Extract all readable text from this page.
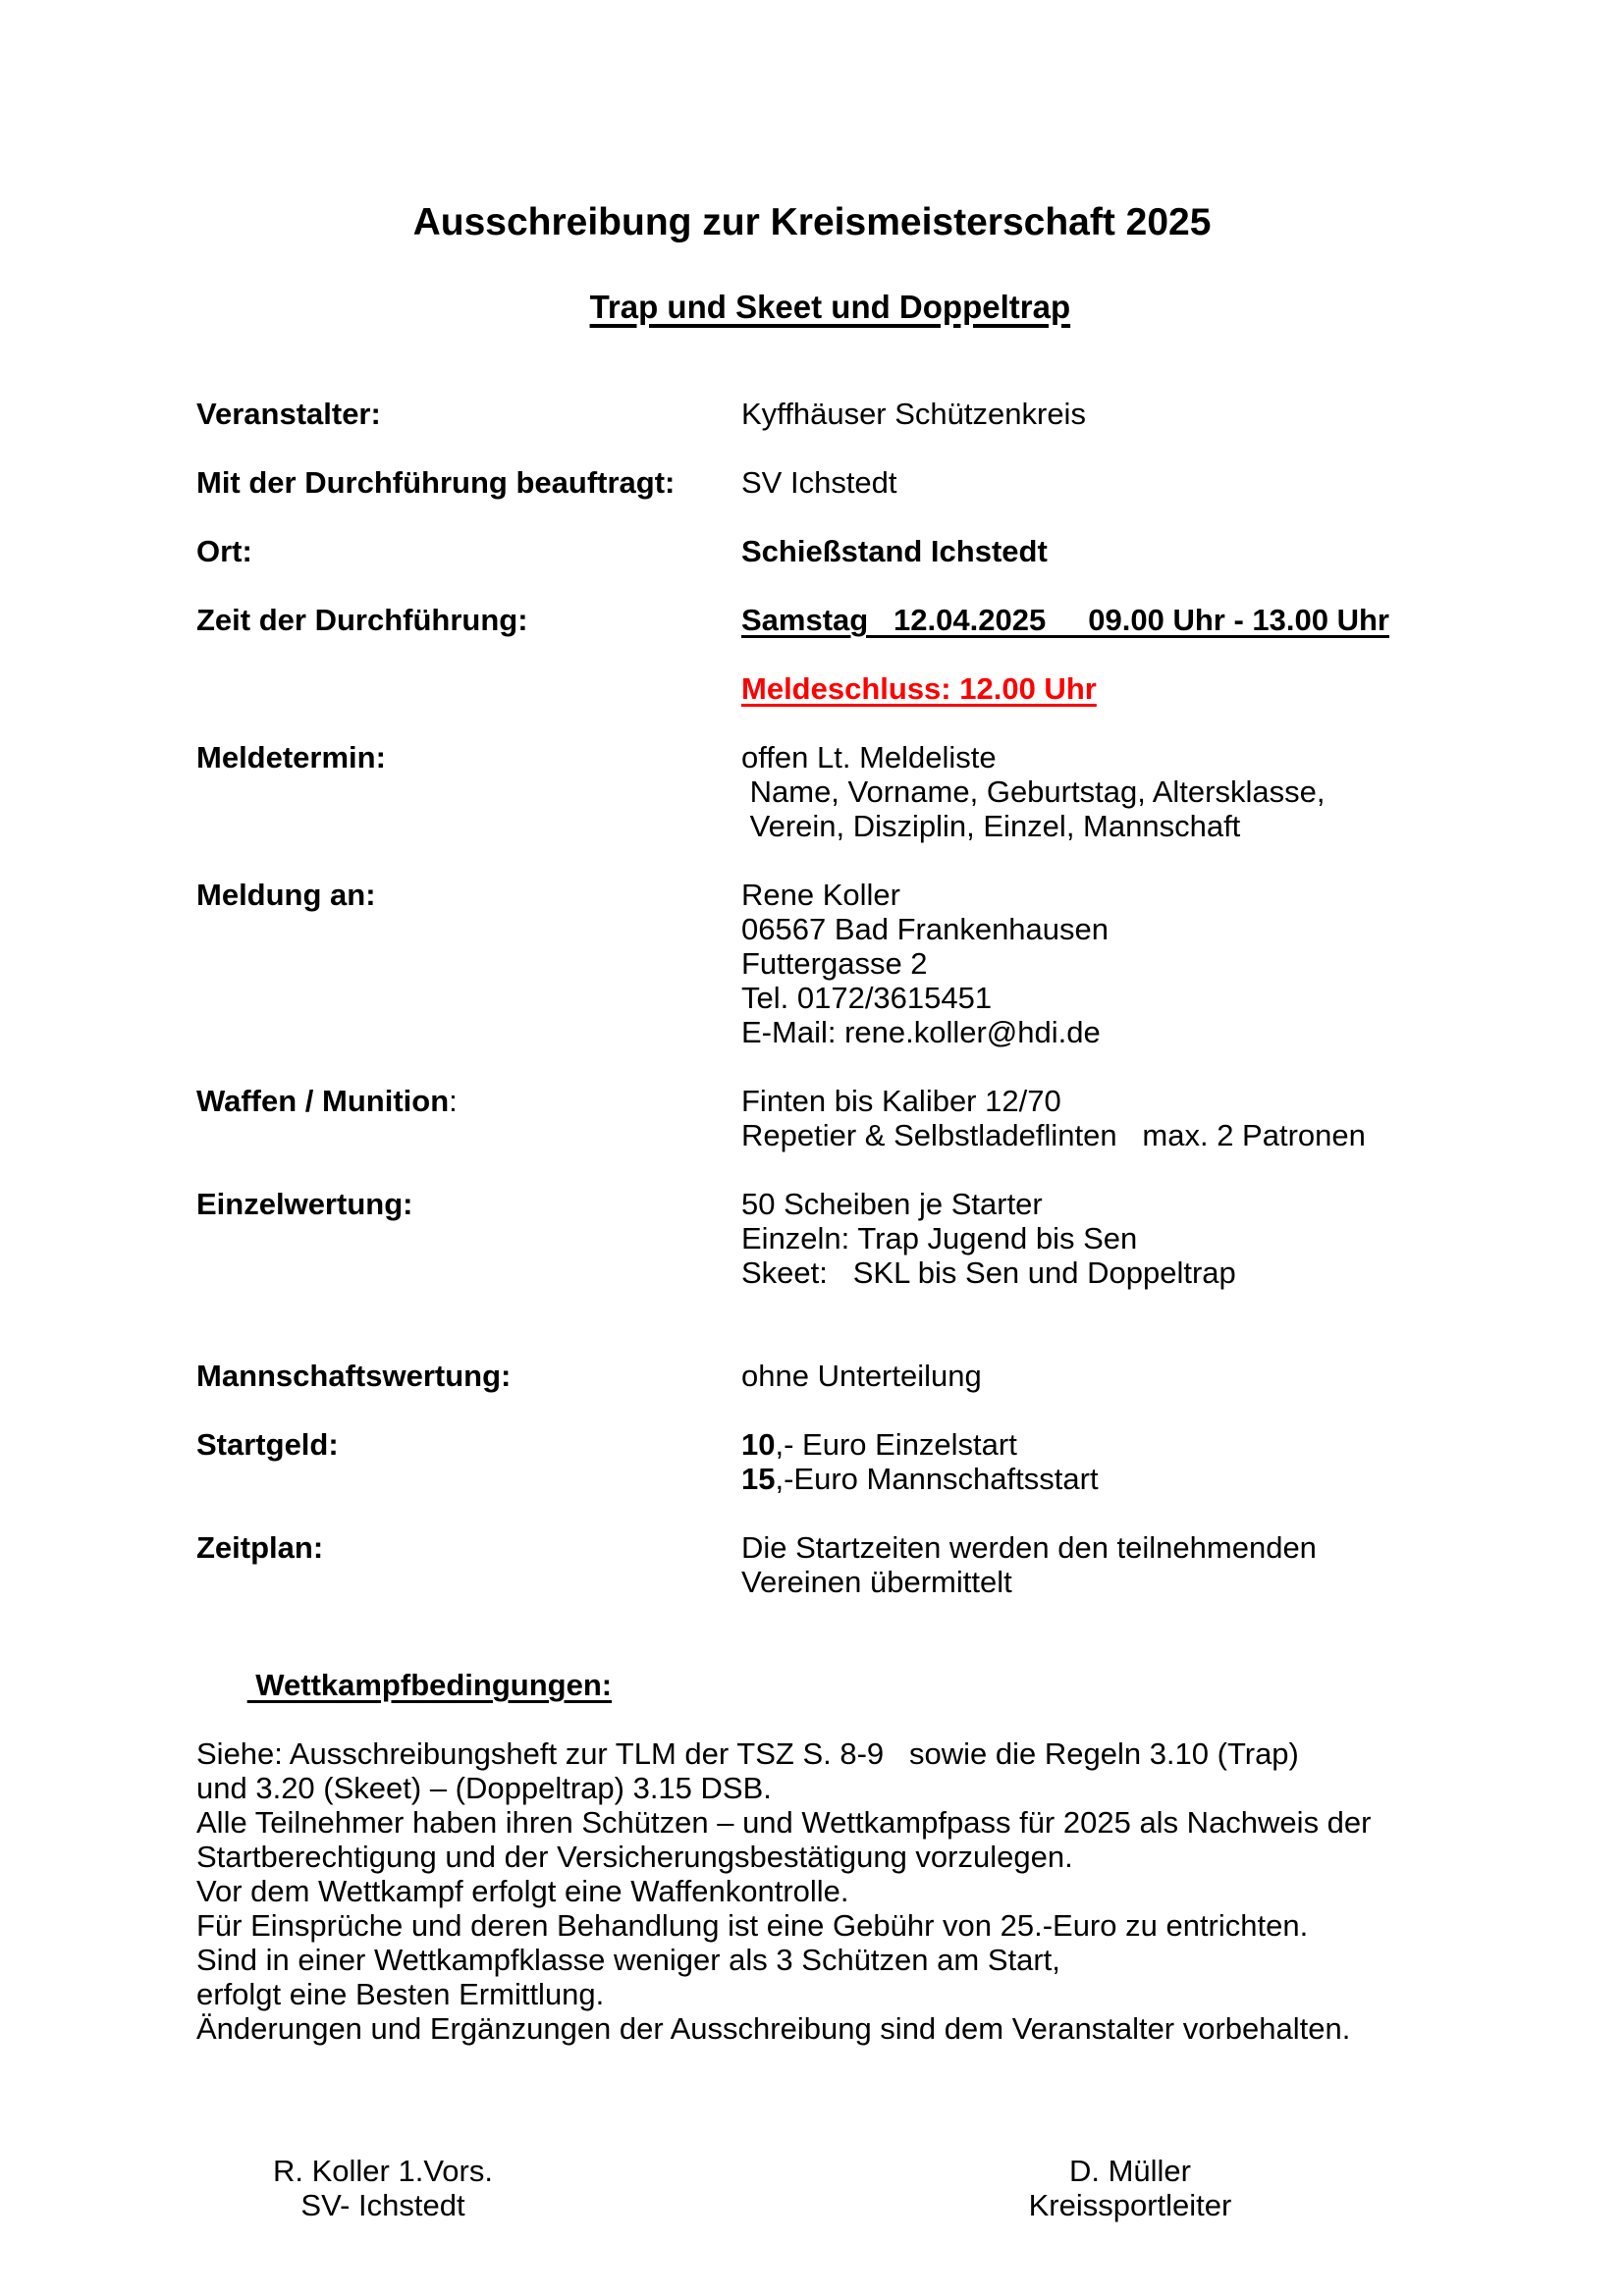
Ausschreibung zur Kreismeisterschaft 2025

Trap und Skeet und Doppeltrap

Veranstalter:	Kyffhäuser Schützenkreis
Mit der Durchführung beauftragt:	SV Ichstedt
Ort:	Schießstand Ichstedt
Zeit der Durchführung:	Samstag   12.04.2025     09.00 Uhr - 13.00 Uhr
Meldeschluss: 12.00 Uhr
Meldetermin:	offen Lt. Meldeliste
Name, Vorname, Geburtstag, Altersklasse,
Verein, Disziplin, Einzel, Mannschaft
Meldung an:	Rene Koller
06567 Bad Frankenhausen
Futtergasse 2
Tel. 0172/3615451
E-Mail: rene.koller@hdi.de
Waffen / Munition:	Finten bis Kaliber 12/70
Repetier & Selbstladeflinten   max. 2 Patronen
Einzelwertung:	50 Scheiben je Starter
Einzeln: Trap Jugend bis Sen
Skeet:   SKL bis Sen und Doppeltrap
Mannschaftswertung:	ohne Unterteilung
Startgeld:	10,- Euro Einzelstart
15,-Euro Mannschaftsstart
Zeitplan:	Die Startzeiten werden den teilnehmenden
Vereinen übermittelt

Wettkampfbedingungen:

Siehe: Ausschreibungsheft zur TLM der TSZ S. 8-9   sowie die Regeln 3.10 (Trap)
und 3.20 (Skeet) – (Doppeltrap) 3.15 DSB.
Alle Teilnehmer haben ihren Schützen – und Wettkampfpass für 2025 als Nachweis der
Startberechtigung und der Versicherungsbestätigung vorzulegen.
Vor dem Wettkampf erfolgt eine Waffenkontrolle.
Für Einsprüche und deren Behandlung ist eine Gebühr von 25.-Euro zu entrichten.
Sind in einer Wettkampfklasse weniger als 3 Schützen am Start,
erfolgt eine Besten Ermittlung.
Änderungen und Ergänzungen der Ausschreibung sind dem Veranstalter vorbehalten.
R. Koller 1.Vors.
SV- Ichstedt
D. Müller
Kreissportleiter
